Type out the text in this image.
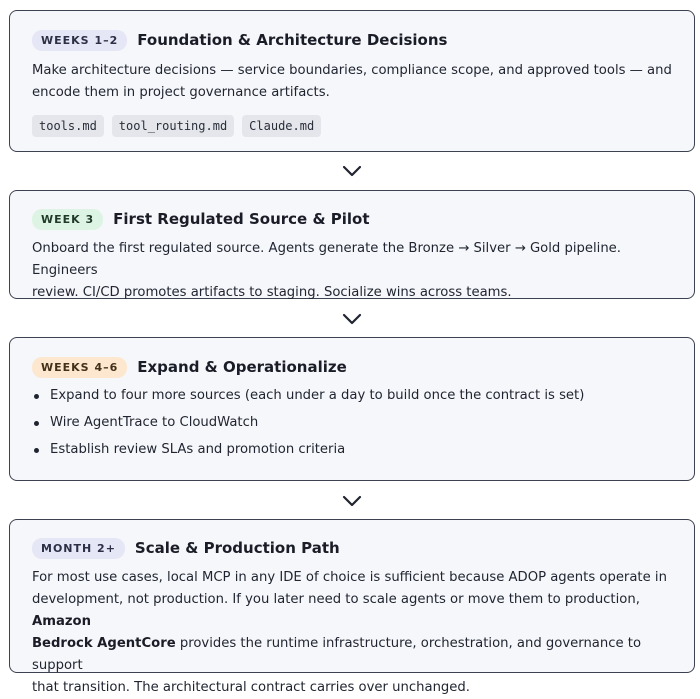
WEEKS 1–2	Foundation & Architecture Decisions
Make architecture decisions — service boundaries, compliance scope, and approved tools — and
encode them in project governance artifacts.
tools.md	tool_routing.md	Claude.md
WEEK 3	First Regulated Source & Pilot
Onboard the first regulated source. Agents generate the Bronze → Silver → Gold pipeline. Engineers
review. CI/CD promotes artifacts to staging. Socialize wins across teams.
WEEKS 4–6	Expand & Operationalize
Expand to four more sources (each under a day to build once the contract is set)
Wire AgentTrace to CloudWatch
Establish review SLAs and promotion criteria
MONTH 2+	Scale & Production Path
For most use cases, local MCP in any IDE of choice is sufficient because ADOP agents operate in
development, not production. If you later need to scale agents or move them to production, Amazon
Bedrock AgentCore provides the runtime infrastructure, orchestration, and governance to support
that transition. The architectural contract carries over unchanged.
